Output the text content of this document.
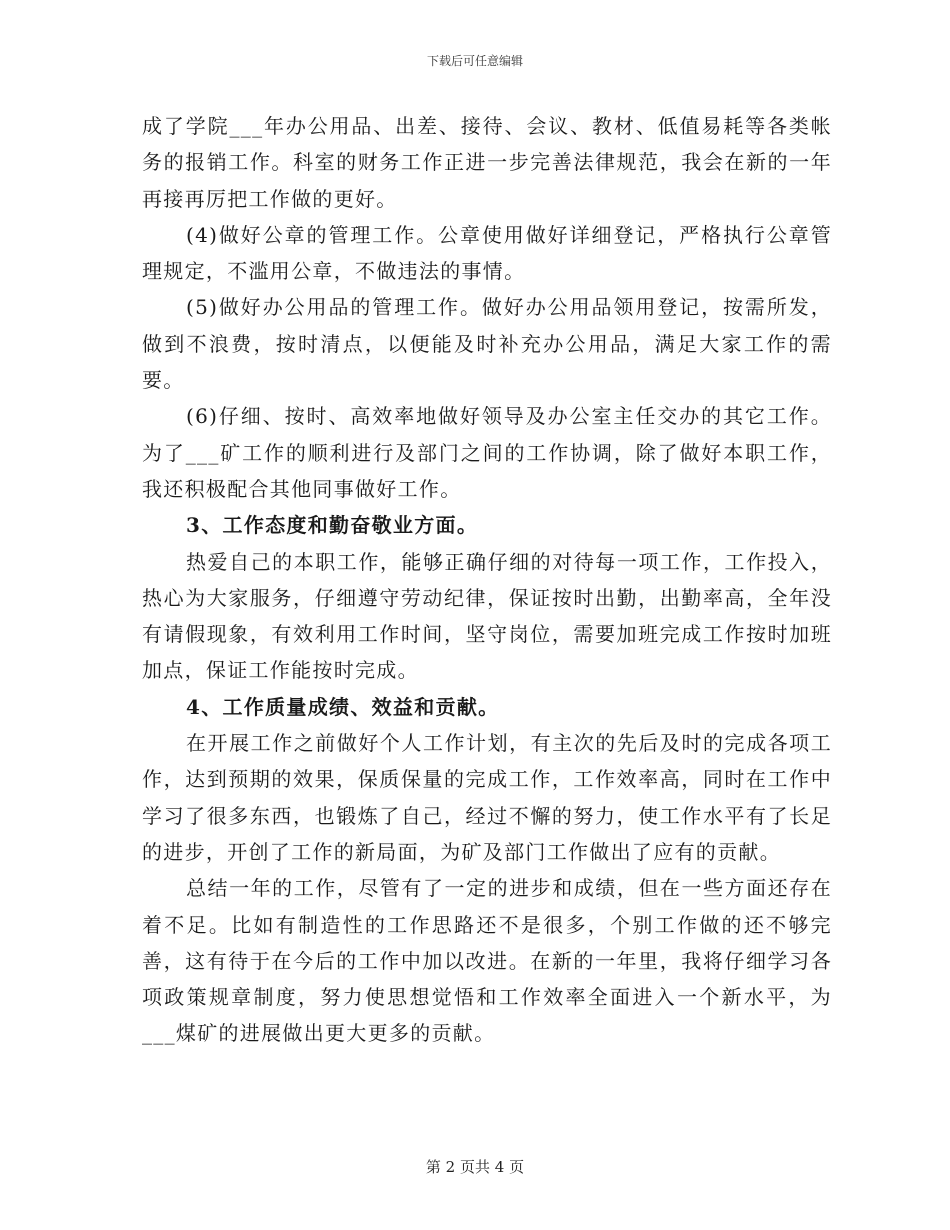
下载后可任意编辑

成了学院___年办公用品、出差、接待、会议、教材、低值易耗等各类帐务的报销工作。科室的财务工作正进一步完善法律规范，我会在新的一年再接再厉把工作做的更好。

(4)做好公章的管理工作。公章使用做好详细登记，严格执行公章管理规定，不滥用公章，不做违法的事情。

(5)做好办公用品的管理工作。做好办公用品领用登记，按需所发，做到不浪费，按时清点，以便能及时补充办公用品，满足大家工作的需要。

(6)仔细、按时、高效率地做好领导及办公室主任交办的其它工作。为了___矿工作的顺利进行及部门之间的工作协调，除了做好本职工作，我还积极配合其他同事做好工作。

3、工作态度和勤奋敬业方面。

热爱自己的本职工作，能够正确仔细的对待每一项工作，工作投入，热心为大家服务，仔细遵守劳动纪律，保证按时出勤，出勤率高，全年没有请假现象，有效利用工作时间，坚守岗位，需要加班完成工作按时加班加点，保证工作能按时完成。

4、工作质量成绩、效益和贡献。

在开展工作之前做好个人工作计划，有主次的先后及时的完成各项工作，达到预期的效果，保质保量的完成工作，工作效率高，同时在工作中学习了很多东西，也锻炼了自己，经过不懈的努力，使工作水平有了长足的进步，开创了工作的新局面，为矿及部门工作做出了应有的贡献。

总结一年的工作，尽管有了一定的进步和成绩，但在一些方面还存在着不足。比如有制造性的工作思路还不是很多，个别工作做的还不够完善，这有待于在今后的工作中加以改进。在新的一年里，我将仔细学习各项政策规章制度，努力使思想觉悟和工作效率全面进入一个新水平，为___煤矿的进展做出更大更多的贡献。

第 2 页共 4 页
